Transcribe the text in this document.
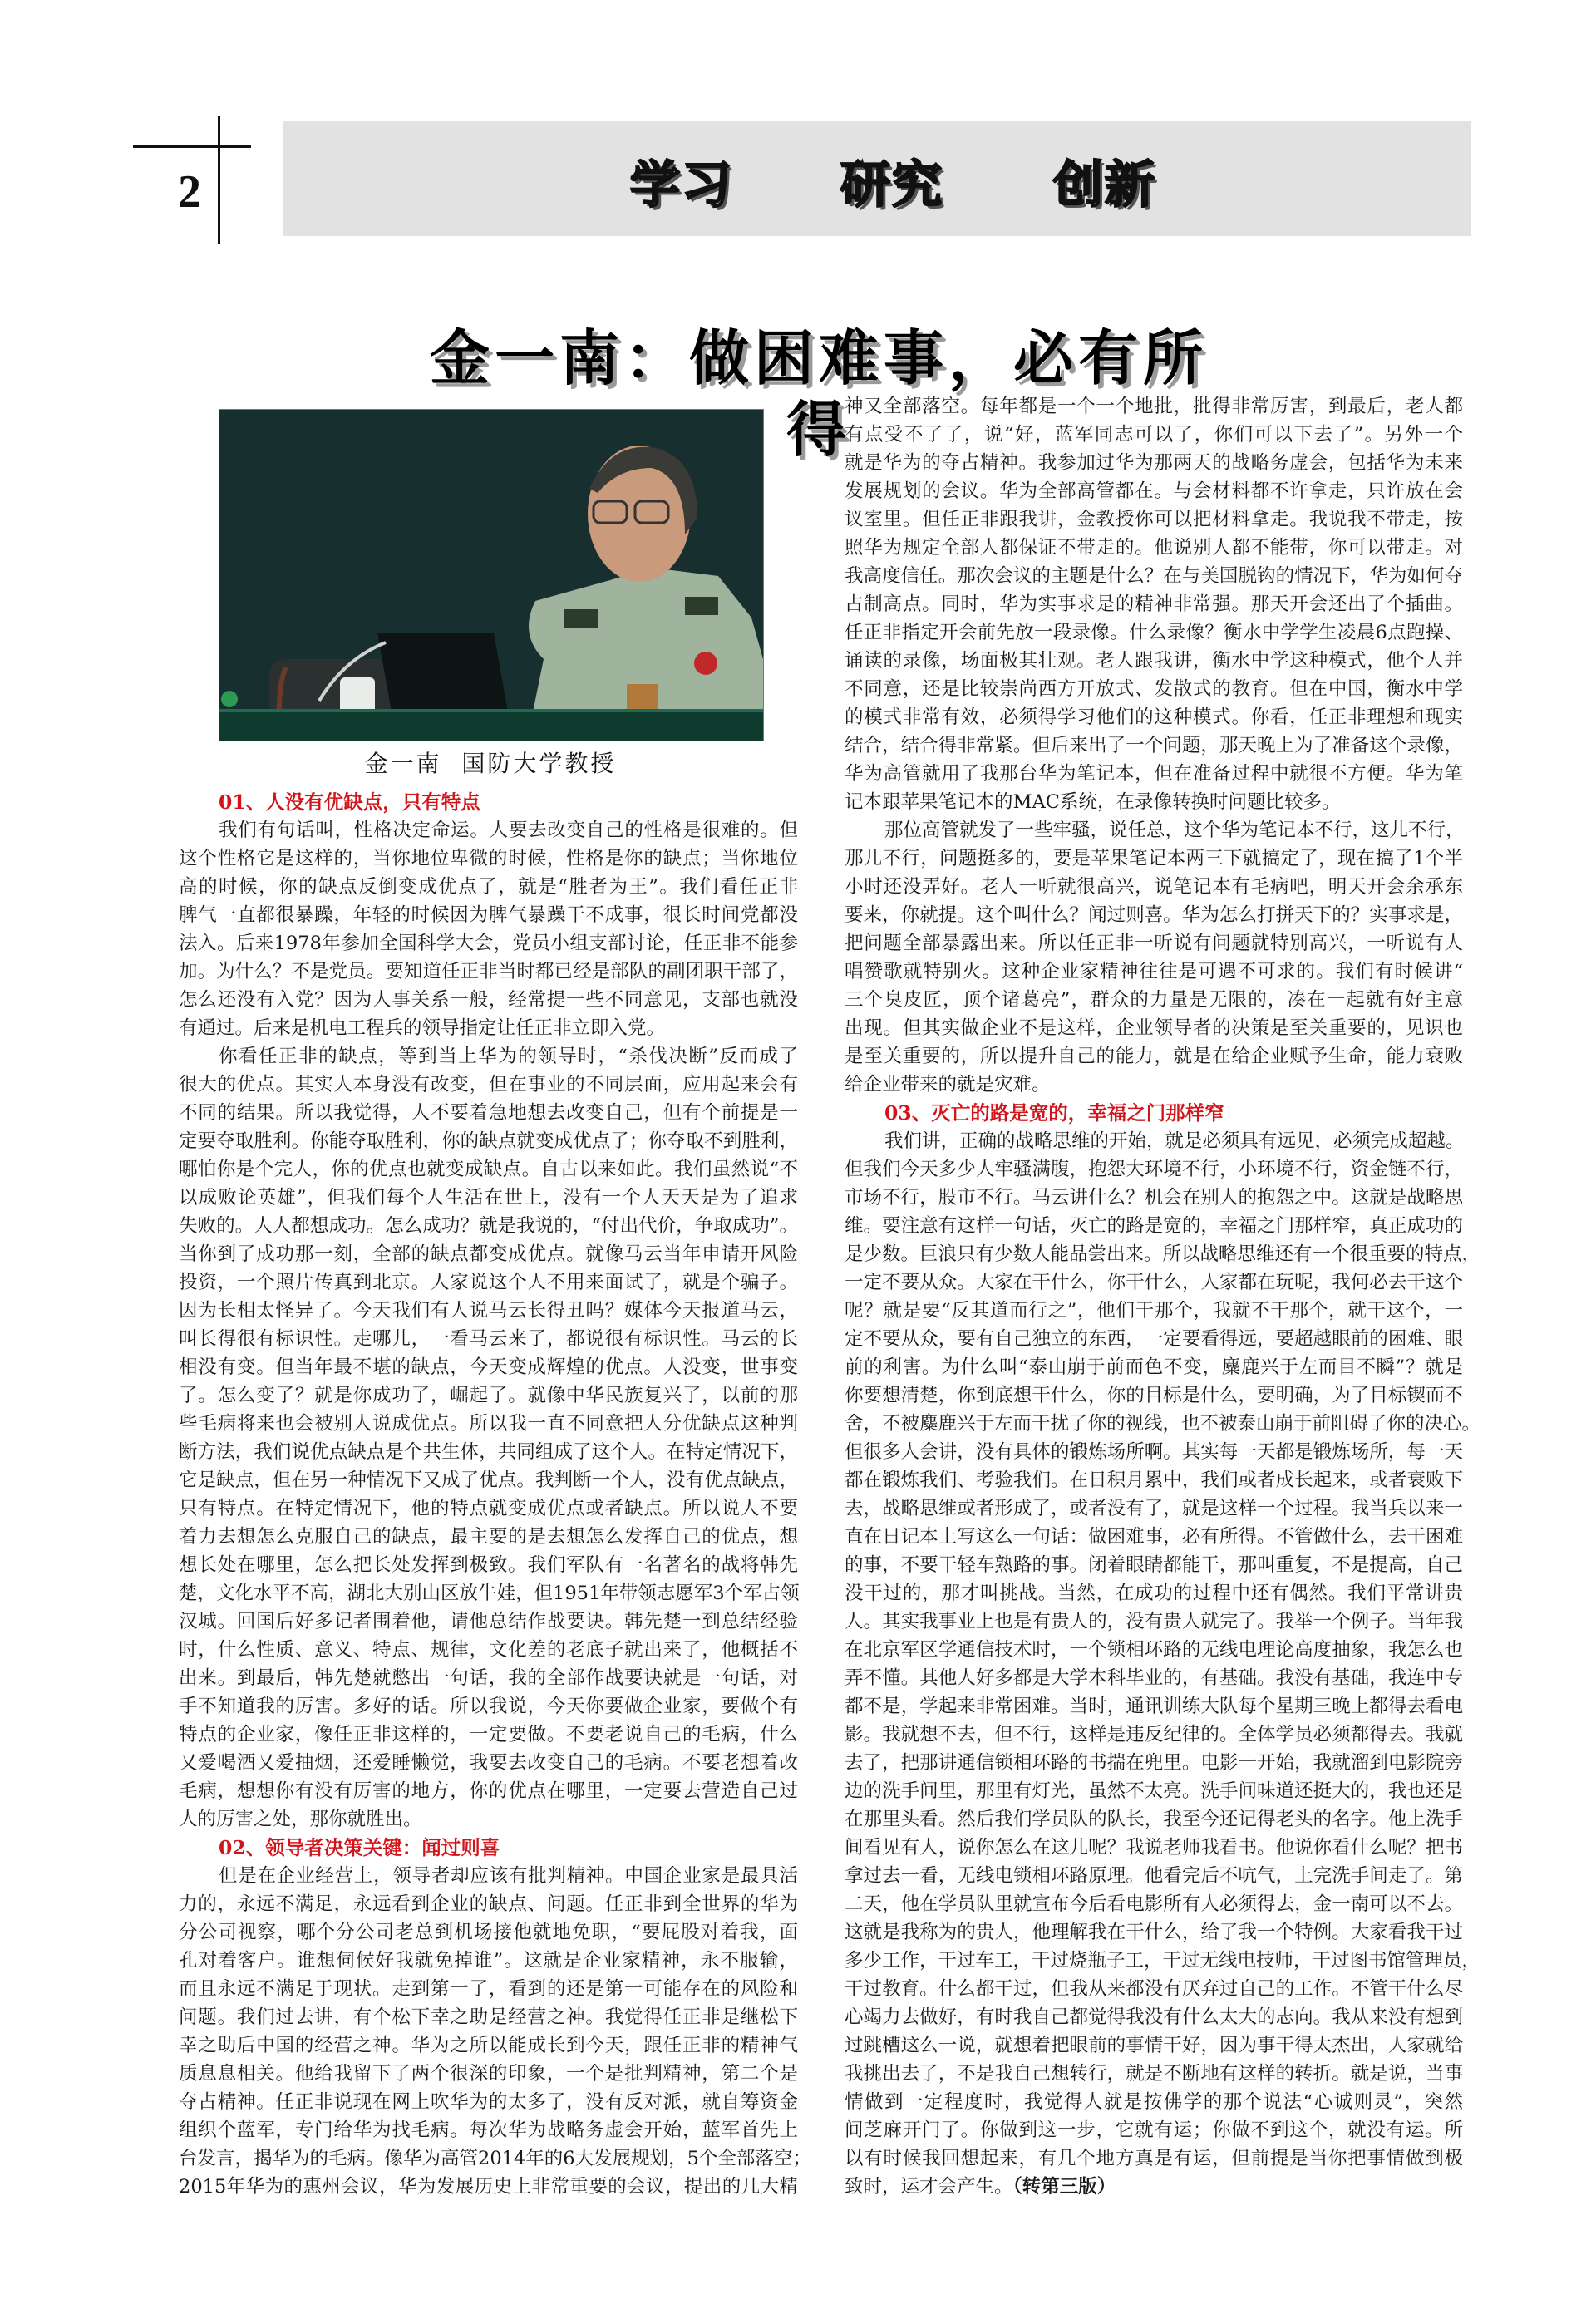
2	学习 研究 创新
金一南：做困难事，必有所得
金一南  国防大学教授
01、人没有优缺点，只有特点
我们有句话叫，性格决定命运。人要去改变自己的性格是很难的。但
这个性格它是这样的，当你地位卑微的时候，性格是你的缺点；当你地位
高的时候，你的缺点反倒变成优点了，就是“胜者为王”。我们看任正非
脾气一直都很暴躁，年轻的时候因为脾气暴躁干不成事，很长时间党都没
法入。后来1978年参加全国科学大会，党员小组支部讨论，任正非不能参
加。为什么？不是党员。要知道任正非当时都已经是部队的副团职干部了，
怎么还没有入党？因为人事关系一般，经常提一些不同意见，支部也就没
有通过。后来是机电工程兵的领导指定让任正非立即入党。
你看任正非的缺点，等到当上华为的领导时，“杀伐决断”反而成了
很大的优点。其实人本身没有改变，但在事业的不同层面，应用起来会有
不同的结果。所以我觉得，人不要着急地想去改变自己，但有个前提是一
定要夺取胜利。你能夺取胜利，你的缺点就变成优点了；你夺取不到胜利，
哪怕你是个完人，你的优点也就变成缺点。自古以来如此。我们虽然说“不
以成败论英雄”，但我们每个人生活在世上，没有一个人天天是为了追求
失败的。人人都想成功。怎么成功？就是我说的，“付出代价，争取成功”。
当你到了成功那一刻，全部的缺点都变成优点。就像马云当年申请开风险
投资，一个照片传真到北京。人家说这个人不用来面试了，就是个骗子。
因为长相太怪异了。今天我们有人说马云长得丑吗？媒体今天报道马云，
叫长得很有标识性。走哪儿，一看马云来了，都说很有标识性。马云的长
相没有变。但当年最不堪的缺点，今天变成辉煌的优点。人没变，世事变
了。怎么变了？就是你成功了，崛起了。就像中华民族复兴了，以前的那
些毛病将来也会被别人说成优点。所以我一直不同意把人分优缺点这种判
断方法，我们说优点缺点是个共生体，共同组成了这个人。在特定情况下，
它是缺点，但在另一种情况下又成了优点。我判断一个人，没有优点缺点，
只有特点。在特定情况下，他的特点就变成优点或者缺点。所以说人不要
着力去想怎么克服自己的缺点，最主要的是去想怎么发挥自己的优点，想
想长处在哪里，怎么把长处发挥到极致。我们军队有一名著名的战将韩先
楚，文化水平不高，湖北大别山区放牛娃，但1951年带领志愿军3个军占领
汉城。回国后好多记者围着他，请他总结作战要诀。韩先楚一到总结经验
时，什么性质、意义、特点、规律，文化差的老底子就出来了，他概括不
出来。到最后，韩先楚就憋出一句话，我的全部作战要诀就是一句话，对
手不知道我的厉害。多好的话。所以我说，今天你要做企业家，要做个有
特点的企业家，像任正非这样的，一定要做。不要老说自己的毛病，什么
又爱喝酒又爱抽烟，还爱睡懒觉，我要去改变自己的毛病。不要老想着改
毛病，想想你有没有厉害的地方，你的优点在哪里，一定要去营造自己过
人的厉害之处，那你就胜出。
02、领导者决策关键：闻过则喜
但是在企业经营上，领导者却应该有批判精神。中国企业家是最具活
力的，永远不满足，永远看到企业的缺点、问题。任正非到全世界的华为
分公司视察，哪个分公司老总到机场接他就地免职，“要屁股对着我，面
孔对着客户。谁想伺候好我就免掉谁”。这就是企业家精神，永不服输，
而且永远不满足于现状。走到第一了，看到的还是第一可能存在的风险和
问题。我们过去讲，有个松下幸之助是经营之神。我觉得任正非是继松下
幸之助后中国的经营之神。华为之所以能成长到今天，跟任正非的精神气
质息息相关。他给我留下了两个很深的印象，一个是批判精神，第二个是
夺占精神。任正非说现在网上吹华为的太多了，没有反对派，就自筹资金
组织个蓝军，专门给华为找毛病。每次华为战略务虚会开始，蓝军首先上
台发言，揭华为的毛病。像华为高管2014年的6大发展规划，5个全部落空；
2015年华为的惠州会议，华为发展历史上非常重要的会议，提出的几大精
神又全部落空。每年都是一个一个地批，批得非常厉害，到最后，老人都
有点受不了了，说“好，蓝军同志可以了，你们可以下去了”。另外一个
就是华为的夺占精神。我参加过华为那两天的战略务虚会，包括华为未来
发展规划的会议。华为全部高管都在。与会材料都不许拿走，只许放在会
议室里。但任正非跟我讲，金教授你可以把材料拿走。我说我不带走，按
照华为规定全部人都保证不带走的。他说别人都不能带，你可以带走。对
我高度信任。那次会议的主题是什么？在与美国脱钩的情况下，华为如何夺
占制高点。同时，华为实事求是的精神非常强。那天开会还出了个插曲。
任正非指定开会前先放一段录像。什么录像？衡水中学学生凌晨6点跑操、
诵读的录像，场面极其壮观。老人跟我讲，衡水中学这种模式，他个人并
不同意，还是比较崇尚西方开放式、发散式的教育。但在中国，衡水中学
的模式非常有效，必须得学习他们的这种模式。你看，任正非理想和现实
结合，结合得非常紧。但后来出了一个问题，那天晚上为了准备这个录像，
华为高管就用了我那台华为笔记本，但在准备过程中就很不方便。华为笔
记本跟苹果笔记本的MAC系统，在录像转换时问题比较多。
那位高管就发了一些牢骚，说任总，这个华为笔记本不行，这儿不行，
那儿不行，问题挺多的，要是苹果笔记本两三下就搞定了，现在搞了1个半
小时还没弄好。老人一听就很高兴，说笔记本有毛病吧，明天开会余承东
要来，你就提。这个叫什么？闻过则喜。华为怎么打拼天下的？实事求是，
把问题全部暴露出来。所以任正非一听说有问题就特别高兴，一听说有人
唱赞歌就特别火。这种企业家精神往往是可遇不可求的。我们有时候讲“
三个臭皮匠，顶个诸葛亮”，群众的力量是无限的，凑在一起就有好主意
出现。但其实做企业不是这样，企业领导者的决策是至关重要的，见识也
是至关重要的，所以提升自己的能力，就是在给企业赋予生命，能力衰败
给企业带来的就是灾难。
03、灭亡的路是宽的，幸福之门那样窄
我们讲，正确的战略思维的开始，就是必须具有远见，必须完成超越。
但我们今天多少人牢骚满腹，抱怨大环境不行，小环境不行，资金链不行，
市场不行，股市不行。马云讲什么？机会在别人的抱怨之中。这就是战略思
维。要注意有这样一句话，灭亡的路是宽的，幸福之门那样窄，真正成功的
是少数。巨浪只有少数人能品尝出来。所以战略思维还有一个很重要的特点，
一定不要从众。大家在干什么，你干什么，人家都在玩呢，我何必去干这个
呢？就是要“反其道而行之”，他们干那个，我就不干那个，就干这个，一
定不要从众，要有自己独立的东西，一定要看得远，要超越眼前的困难、眼
前的利害。为什么叫“泰山崩于前而色不变，麋鹿兴于左而目不瞬”？就是
你要想清楚，你到底想干什么，你的目标是什么，要明确，为了目标锲而不
舍，不被麋鹿兴于左而干扰了你的视线，也不被泰山崩于前阻碍了你的决心。
但很多人会讲，没有具体的锻炼场所啊。其实每一天都是锻炼场所，每一天
都在锻炼我们、考验我们。在日积月累中，我们或者成长起来，或者衰败下
去，战略思维或者形成了，或者没有了，就是这样一个过程。我当兵以来一
直在日记本上写这么一句话：做困难事，必有所得。不管做什么，去干困难
的事，不要干轻车熟路的事。闭着眼睛都能干，那叫重复，不是提高，自己
没干过的，那才叫挑战。当然，在成功的过程中还有偶然。我们平常讲贵
人。其实我事业上也是有贵人的，没有贵人就完了。我举一个例子。当年我
在北京军区学通信技术时，一个锁相环路的无线电理论高度抽象，我怎么也
弄不懂。其他人好多都是大学本科毕业的，有基础。我没有基础，我连中专
都不是，学起来非常困难。当时，通讯训练大队每个星期三晚上都得去看电
影。我就想不去，但不行，这样是违反纪律的。全体学员必须都得去。我就
去了，把那讲通信锁相环路的书揣在兜里。电影一开始，我就溜到电影院旁
边的洗手间里，那里有灯光，虽然不太亮。洗手间味道还挺大的，我也还是
在那里头看。然后我们学员队的队长，我至今还记得老头的名字。他上洗手
间看见有人，说你怎么在这儿呢？我说老师我看书。他说你看什么呢？把书
拿过去一看，无线电锁相环路原理。他看完后不吭气，上完洗手间走了。第
二天，他在学员队里就宣布今后看电影所有人必须得去，金一南可以不去。
这就是我称为的贵人，他理解我在干什么，给了我一个特例。大家看我干过
多少工作，干过车工，干过烧瓶子工，干过无线电技师，干过图书馆管理员，
干过教育。什么都干过，但我从来都没有厌弃过自己的工作。不管干什么尽
心竭力去做好，有时我自己都觉得我没有什么太大的志向。我从来没有想到
过跳槽这么一说，就想着把眼前的事情干好，因为事干得太杰出，人家就给
我挑出去了，不是我自己想转行，就是不断地有这样的转折。就是说，当事
情做到一定程度时，我觉得人就是按佛学的那个说法“心诚则灵”，突然
间芝麻开门了。你做到这一步，它就有运；你做不到这个，就没有运。所
以有时候我回想起来，有几个地方真是有运，但前提是当你把事情做到极
致时，运才会产生。（转第三版）
